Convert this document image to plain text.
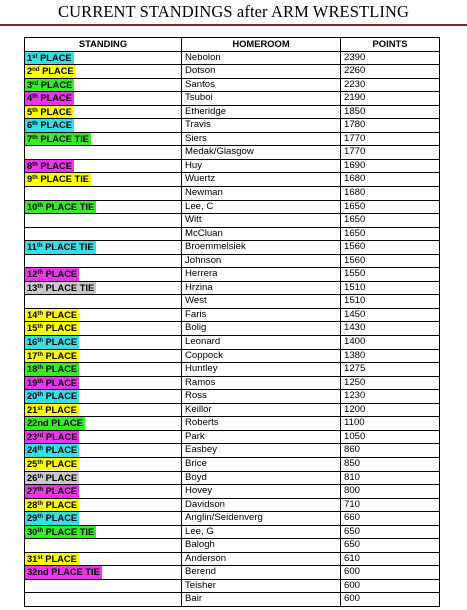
CURRENT STANDINGS after ARM WRESTLING
STANDING	HOMEROOM	POINTS
1st PLACE	Nebolon	2390
2nd PLACE	Dotson	2260
3rd PLACE	Santos	2230
4th PLACE	Tsuboi	2190
5th PLACE	Etheridge	1850
6th PLACE	Travis	1780
7th PLACE TIE	Siers	1770
	Medak/Glasgow	1770
8th PLACE	Huy	1690
9th PLACE TIE	Wuertz	1680
	Newman	1680
10th PLACE TIE	Lee, C	1650
	Witt	1650
	McCluan	1650
11th PLACE TIE	Broemmelsiek	1560
	Johnson	1560
12th PLACE	Herrera	1550
13th PLACE TIE	Hrzina	1510
	West	1510
14th PLACE	Faris	1450
15th PLACE	Bolig	1430
16th PLACE	Leonard	1400
17th PLACE	Coppock	1380
18th PLACE	Huntley	1275
19th PLACE	Ramos	1250
20th PLACE	Ross	1230
21st PLACE	Keillor	1200
22nd PLACE	Roberts	1100
23rd PLACE	Park	1050
24th PLACE	Easbey	860
25th PLACE	Brice	850
26th PLACE	Boyd	810
27th PLACE	Hovey	800
28th PLACE	Davidson	710
29th PLACE	Anglin/Seidenverg	660
30th PLACE TIE	Lee, G	650
	Balogh	650
31st PLACE	Anderson	610
32nd PLACE TIE	Berend	600
	Teisher	600
	Bair	600
